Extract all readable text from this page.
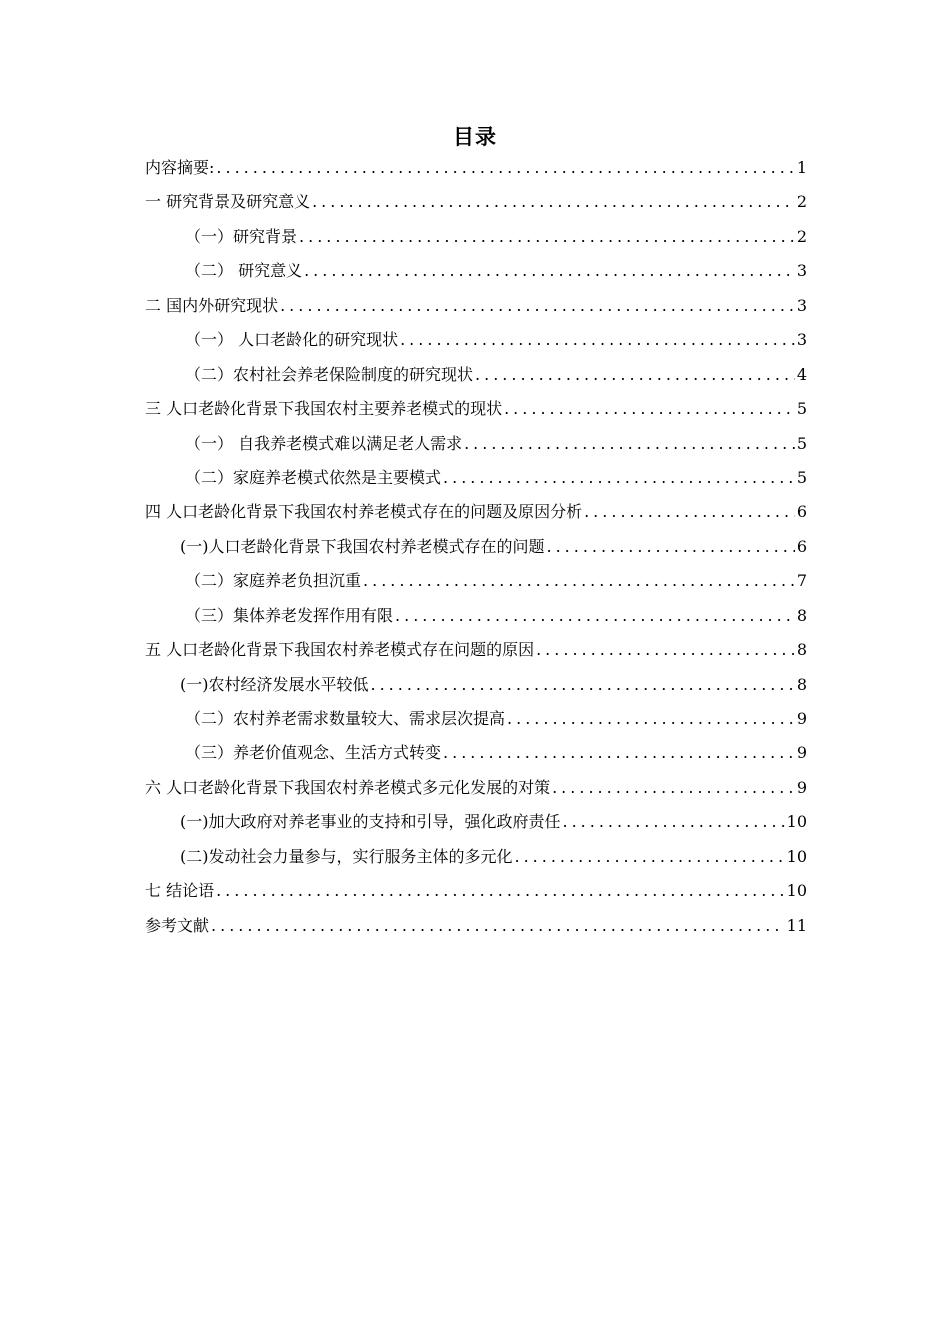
目录
内容摘要: .....	1
一 研究背景及研究意义 .....	2
（一）研究背景 .....	2
（二） 研究意义 .....	3
二 国内外研究现状 .....	3
（一） 人口老龄化的研究现状 .....	3
（二）农村社会养老保险制度的研究现状 .....	4
三 人口老龄化背景下我国农村主要养老模式的现状 .....	5
（一） 自我养老模式难以满足老人需求 .....	5
（二）家庭养老模式依然是主要模式 .....	5
四 人口老龄化背景下我国农村养老模式存在的问题及原因分析 .....	6
(一)人口老龄化背景下我国农村养老模式存在的问题 .....	6
（二）家庭养老负担沉重 .....	7
（三）集体养老发挥作用有限 .....	8
五 人口老龄化背景下我国农村养老模式存在问题的原因 .....	8
(一)农村经济发展水平较低 .....	8
（二）农村养老需求数量较大、需求层次提高 .....	9
（三）养老价值观念、生活方式转变 .....	9
六 人口老龄化背景下我国农村养老模式多元化发展的对策 .....	9
(一)加大政府对养老事业的支持和引导，强化政府责任 .....	10
(二)发动社会力量参与，实行服务主体的多元化 .....	10
七 结论语 .....	10
参考文献 .....	11
